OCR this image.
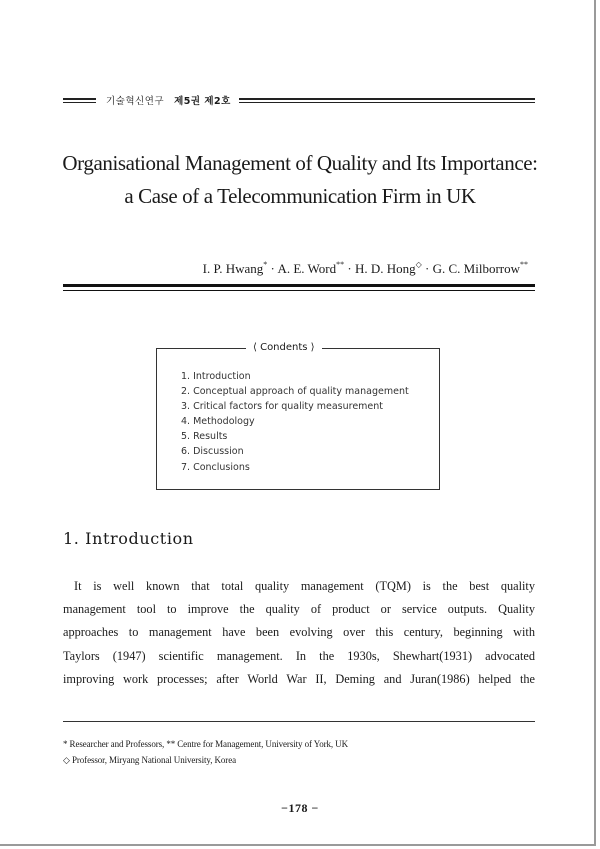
기술혁신연구 제5권 제2호
Organisational Management of Quality and Its Importance:
a Case of a Telecommunication Firm in UK
I. P. Hwang* · A. E. Word** · H. D. Hong◇ · G. C. Milborrow**
⟨ Condents ⟩
1. Introduction
2. Conceptual approach of quality management
3. Critical factors for quality measurement
4. Methodology
5. Results
6. Discussion
7. Conclusions
1. Introduction
It is well known that total quality management (TQM) is the best quality
management tool to improve the quality of product or service outputs. Quality
approaches to management have been evolving over this century, beginning with
Taylors (1947) scientific management. In the 1930s, Shewhart(1931) advocated
improving work processes; after World War II, Deming and Juran(1986) helped the
* Researcher and Professors, ** Centre for Management, University of York, UK
◇ Professor, Miryang National University, Korea
−178 −
